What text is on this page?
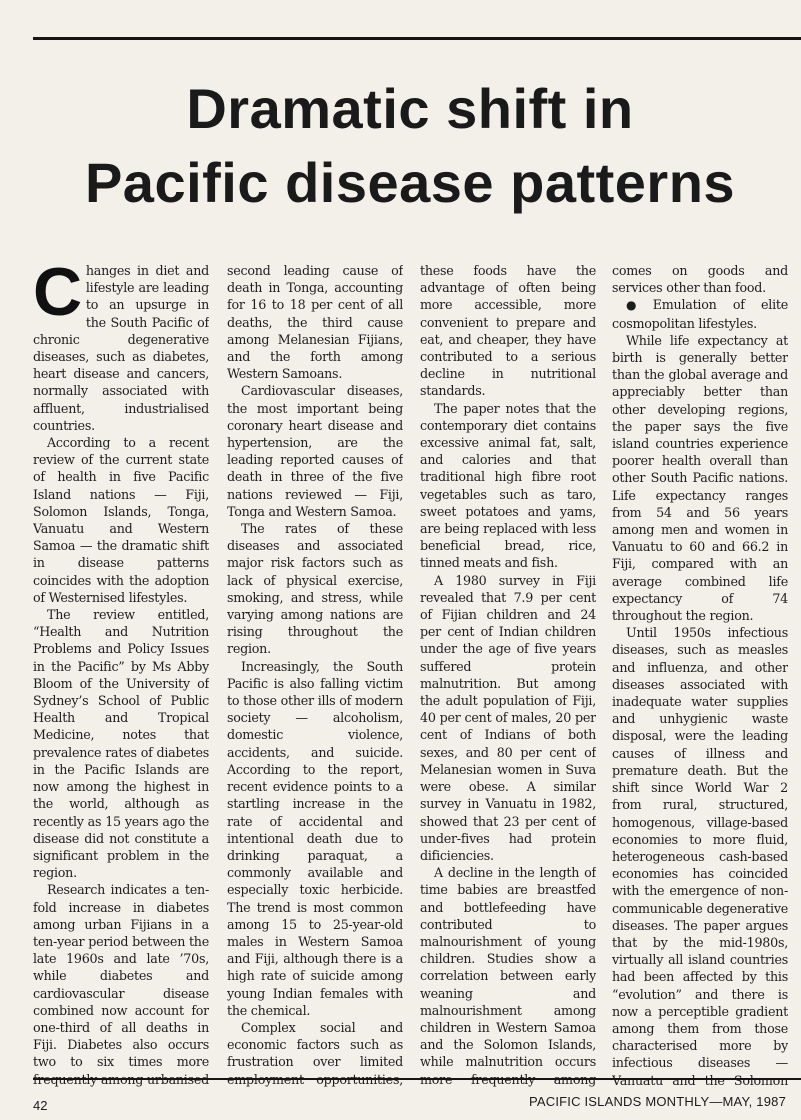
Dramatic shift in
Pacific disease patterns

Changes in diet and lifestyle are leading to an upsurge in the South Pacific of chronic degenerative diseases, such as diabetes, heart disease and cancers, normally associated with affluent, industrialised countries.

According to a recent review of the current state of health in five Pacific Island nations — Fiji, Solomon Islands, Tonga, Vanuatu and Western Samoa — the dramatic shift in disease patterns coincides with the adoption of Westernised lifestyles.

The review entitled, “Health and Nutrition Problems and Policy Issues in the Pacific” by Ms Abby Bloom of the University of Sydney’s School of Public Health and Tropical Medicine, notes that prevalence rates of diabetes in the Pacific Islands are now among the highest in the world, although as recently as 15 years ago the disease did not constitute a significant problem in the region.

Research indicates a ten-fold increase in diabetes among urban Fijians in a ten-year period between the late 1960s and late ’70s, while diabetes and cardiovascular disease combined now account for one-third of all deaths in Fiji. Diabetes also occurs two to six times more

second leading cause of death in Tonga, accounting for 16 to 18 per cent of all deaths, the third cause among Melanesian Fijians, and the forth among Western Samoans.

Cardiovascular diseases, the most important being coronary heart disease and hypertension, are the leading reported causes of death in three of the five nations reviewed — Fiji, Tonga and Western Samoa.

The rates of these diseases and associated major risk factors such as lack of physical exercise, smoking, and stress, while varying among nations are rising throughout the region.

Increasingly, the South Pacific is also falling victim to those other ills of modern society — alcoholism, domestic violence, accidents, and suicide. According to the report, recent evidence points to a startling increase in the rate of accidental and intentional death due to drinking paraquat, a commonly available and especially toxic herbicide. The trend is most common among 15 to 25-year-old males in Western Samoa and Fiji, although there is a high rate of suicide among young Indian females with the chemical.

Complex social and economic factors such as frustration over limited

these foods have the advantage of often being more accessible, more convenient to prepare and eat, and cheaper, they have contributed to a serious decline in nutritional standards.

The paper notes that the contemporary diet contains excessive animal fat, salt, and calories and that traditional high fibre root vegetables such as taro, sweet potatoes and yams, are being replaced with less beneficial bread, rice, tinned meats and fish.

A 1980 survey in Fiji revealed that 7.9 per cent of Fijian children and 24 per cent of Indian children under the age of five years suffered protein malnutrition. But among the adult population of Fiji, 40 per cent of males, 20 per cent of Indians of both sexes, and 80 per cent of Melanesian women in Suva were obese. A similar survey in Vanuatu in 1982, showed that 23 per cent of under-fives had protein dificiencies.

A decline in the length of time babies are breastfed and bottlefeeding have contributed to malnourishment of young children. Studies show a correlation between early weaning and malnourishment among children in Western Samoa and the Solomon Islands, while malnutrition occurs

comes on goods and services other than food.

● Emulation of elite cosmopolitan lifestyles.

While life expectancy at birth is generally better than the global average and appreciably better than other developing regions, the paper says the five island countries experience poorer health overall than other South Pacific nations. Life expectancy ranges from 54 and 56 years among men and women in Vanuatu to 60 and 66.2 in Fiji, compared with an average combined life expectancy of 74 throughout the region.

Until 1950s infectious diseases, such as measles and influenza, and other diseases associated with inadequate water supplies and unhygienic waste disposal, were the leading causes of illness and premature death. But the shift since World War 2 from rural, structured, homogenous, village-based economies to more fluid, heterogeneous cash-based economies has coincided with the emergence of non-communicable degenerative diseases. The paper argues that by the mid-1980s, virtually all island countries had been affected by this “evolution” and there is now a perceptible gradient among them from those characterised more by infectious diseases —

42	PACIFIC ISLANDS MONTHLY—MAY, 1987
